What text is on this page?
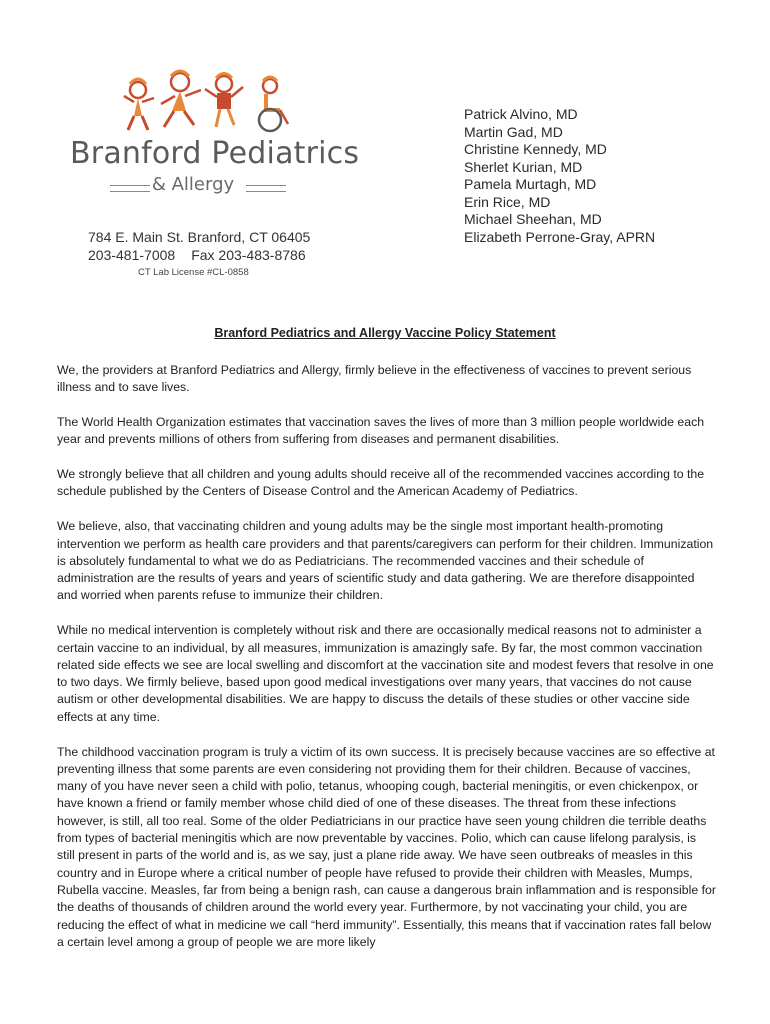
Branford Pediatrics
& Allergy
784 E. Main St. Branford, CT 06405
203-481-7008 Fax 203-483-8786
CT Lab License #CL-0858
Patrick Alvino, MD
Martin Gad, MD
Christine Kennedy, MD
Sherlet Kurian, MD
Pamela Murtagh, MD
Erin Rice, MD
Michael Sheehan, MD
Elizabeth Perrone-Gray, APRN
Branford Pediatrics and Allergy Vaccine Policy Statement

We, the providers at Branford Pediatrics and Allergy, firmly believe in the effectiveness of vaccines to prevent serious illness and to save lives.

The World Health Organization estimates that vaccination saves the lives of more than 3 million people worldwide each year and prevents millions of others from suffering from diseases and permanent disabilities.

We strongly believe that all children and young adults should receive all of the recommended vaccines according to the schedule published by the Centers of Disease Control and the American Academy of Pediatrics.

We believe, also, that vaccinating children and young adults may be the single most important health-promoting intervention we perform as health care providers and that parents/caregivers can perform for their children. Immunization is absolutely fundamental to what we do as Pediatricians. The recommended vaccines and their schedule of administration are the results of years and years of scientific study and data gathering. We are therefore disappointed and worried when parents refuse to immunize their children.

While no medical intervention is completely without risk and there are occasionally medical reasons not to administer a certain vaccine to an individual, by all measures, immunization is amazingly safe. By far, the most common vaccination related side effects we see are local swelling and discomfort at the vaccination site and modest fevers that resolve in one to two days. We firmly believe, based upon good medical investigations over many years, that vaccines do not cause autism or other developmental disabilities. We are happy to discuss the details of these studies or other vaccine side effects at any time.

The childhood vaccination program is truly a victim of its own success. It is precisely because vaccines are so effective at preventing illness that some parents are even considering not providing them for their children. Because of vaccines, many of you have never seen a child with polio, tetanus, whooping cough, bacterial meningitis, or even chickenpox, or have known a friend or family member whose child died of one of these diseases. The threat from these infections however, is still, all too real. Some of the older Pediatricians in our practice have seen young children die terrible deaths from types of bacterial meningitis which are now preventable by vaccines. Polio, which can cause lifelong paralysis, is still present in parts of the world and is, as we say, just a plane ride away. We have seen outbreaks of measles in this country and in Europe where a critical number of people have refused to provide their children with Measles, Mumps, Rubella vaccine. Measles, far from being a benign rash, can cause a dangerous brain inflammation and is responsible for the deaths of thousands of children around the world every year. Furthermore, by not vaccinating your child, you are reducing the effect of what in medicine we call “herd immunity”. Essentially, this means that if vaccination rates fall below a certain level among a group of people we are more likely
